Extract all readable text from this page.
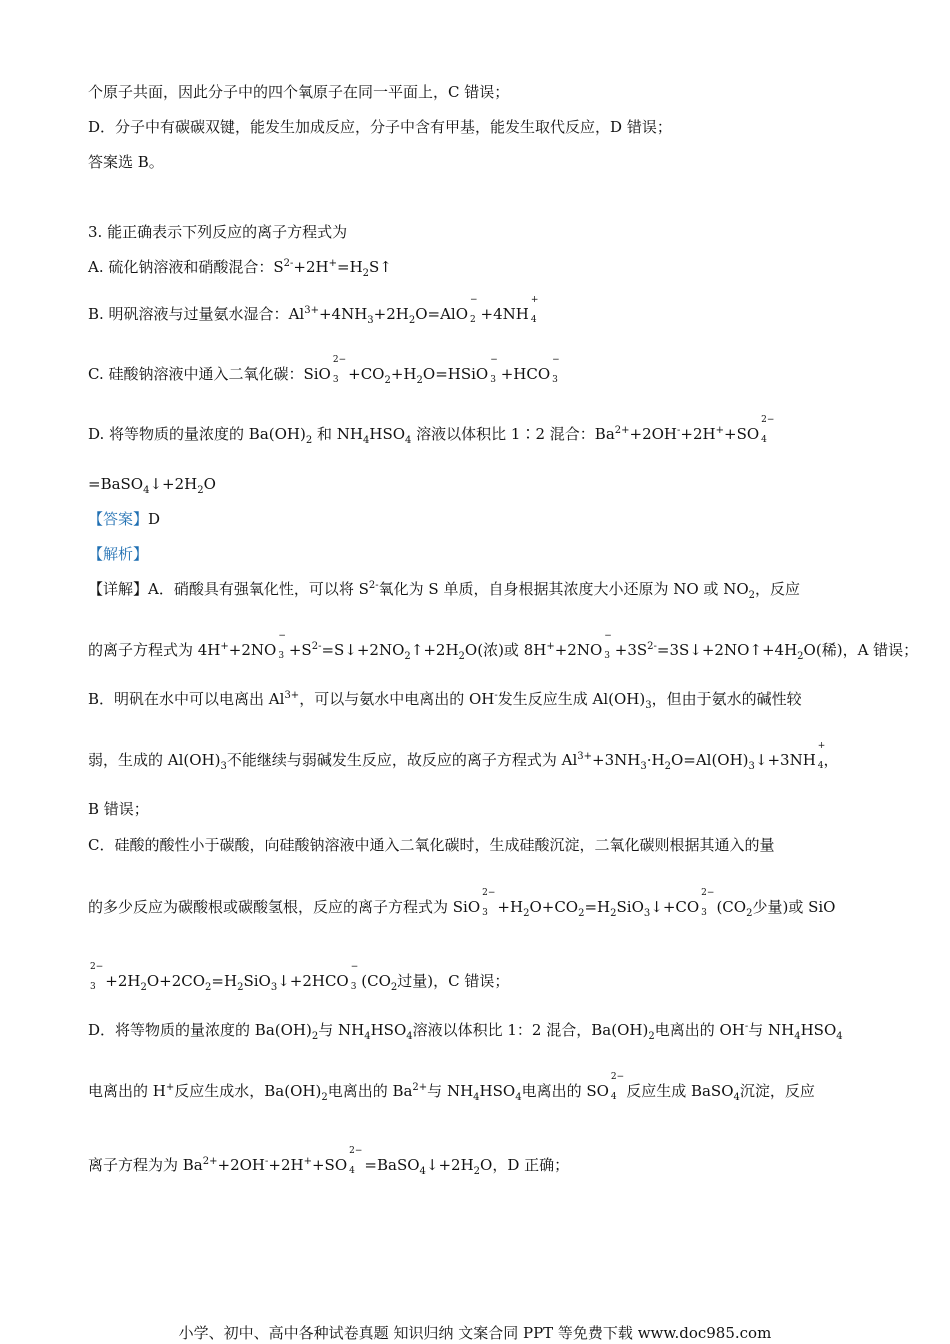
个原子共面，因此分子中的四个氧原子在同一平面上，C 错误；
D．分子中有碳碳双键，能发生加成反应，分子中含有甲基，能发生取代反应，D 错误；
答案选 B。
3. 能正确表示下列反应的离子方程式为
A. 硫化钠溶液和硝酸混合：$S^{2-}+2H^+=H_2S↑$
B. 明矾溶液与过量氨水湿合：$Al^{3+}+4NH_3+2H_2O=AlO$
−
$_2$ +4NH
+
$_4$
C. 硅酸钠溶液中通入二氧化碳：SiO
2−
$_3 +CO_2+H_2O=HSiO$
−
$_3$ +HCO
−
$_3$
D. 将等物质的量浓度的 $Ba(OH)_2$ 和 $NH_4HSO_4$ 溶液以体积比 1∶2 混合：$Ba^{2+}+2OH^-+2H^++SO$
2−
$_4$
$=BaSO_4↓+2H_2O$
【答案】D
【解析】
【详解】A．硝酸具有强氧化性，可以将 $S^{2-}$氧化为 S 单质，自身根据其浓度大小还原为 NO 或 $NO_2$，反应
的离子方程式为 4H++2NO
−
$_3 +S^{2-}=S↓+2NO_2↑+2H_2O$(浓)或 8H++2NO
−
$_3 +3S^{2-}=3S↓+2NO↑+4H_2O$(稀)，A 错误；
B．明矾在水中可以电离出 $Al^{3+}$，可以与氨水中电离出的 OH-发生反应生成 $Al(OH)_3$，但由于氨水的碱性较
弱，生成的 $Al(OH)_3$不能继续与弱碱发生反应，故反应的离子方程式为 $Al^{3+}+3NH_3\cdot H_2O=Al(OH)_3↓+3NH$
+
$_4$，
B 错误；
C．硅酸的酸性小于碳酸，向硅酸钠溶液中通入二氧化碳时，生成硅酸沉淀，二氧化碳则根据其通入的量
的多少反应为碳酸根或碳酸氢根，反应的离子方程式为 SiO
2−
$_3 +H_2O+CO_2=H_2SiO_3↓+CO$
2−
$_3$ ($CO_2$少量)或 SiO
2−
$_3 +2H_2O+2CO_2=H_2SiO_3↓+2HCO$
−
$_3$ ($CO_2$过量)，C 错误；
D．将等物质的量浓度的 $Ba(OH)_2$与 $NH_4HSO_4$溶液以体积比 1：2 混合，$Ba(OH)_2$电离出的 OH-与 $NH_4HSO_4$
电离出的 H+反应生成水，$Ba(OH)_2$电离出的 $Ba^{2+}$与 $NH_4HSO_4$电离出的 SO
2−
$_4$ 反应生成 BaSO$_4$沉淀，反应
离子方程为为 $Ba^{2+}+2OH^-+2H^++SO$
2−
$_4 =BaSO_4↓+2H_2O$，D 正确；
小学、初中、高中各种试卷真题 知识归纳 文案合同 PPT 等免费下载 www.doc985.com
